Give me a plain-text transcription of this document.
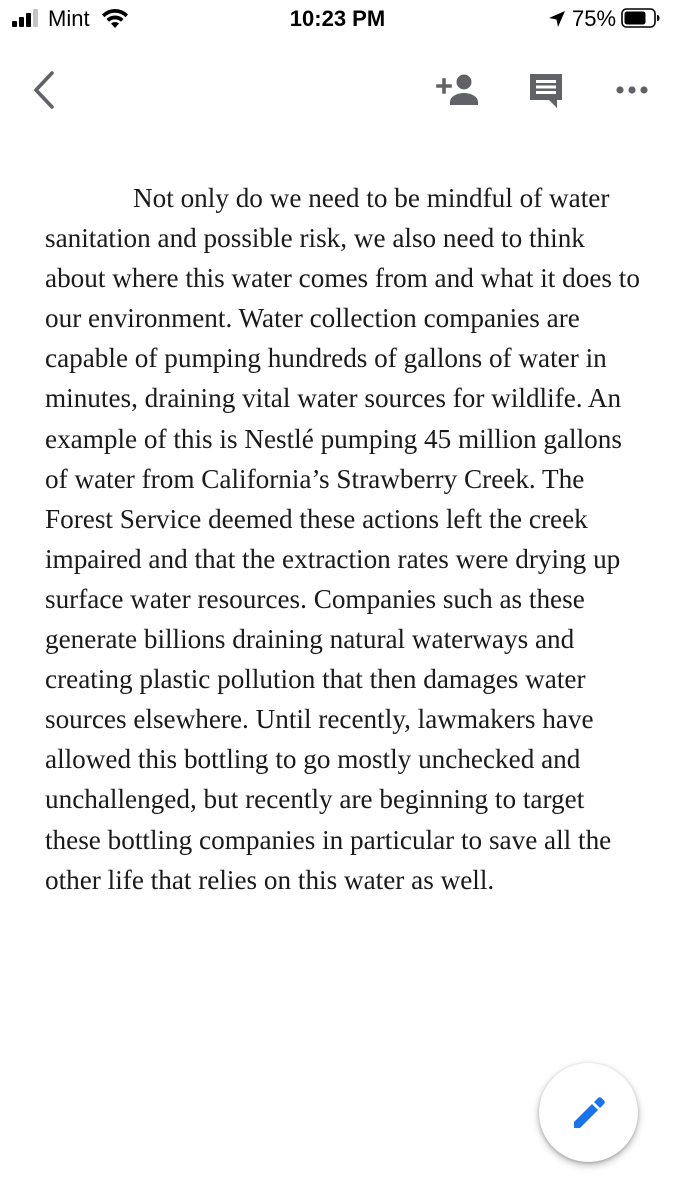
Mint	10:23 PM	75%

Not only do we need to be mindful of water sanitation and possible risk, we also need to think about where this water comes from and what it does to our environment. Water collection companies are capable of pumping hundreds of gallons of water in minutes, draining vital water sources for wildlife. An example of this is Nestlé pumping 45 million gallons of water from California’s Strawberry Creek. The Forest Service deemed these actions left the creek impaired and that the extraction rates were drying up surface water resources. Companies such as these generate billions draining natural waterways and creating plastic pollution that then damages water sources elsewhere. Until recently, lawmakers have allowed this bottling to go mostly unchecked and unchallenged, but recently are beginning to target these bottling companies in particular to save all the other life that relies on this water as well.
